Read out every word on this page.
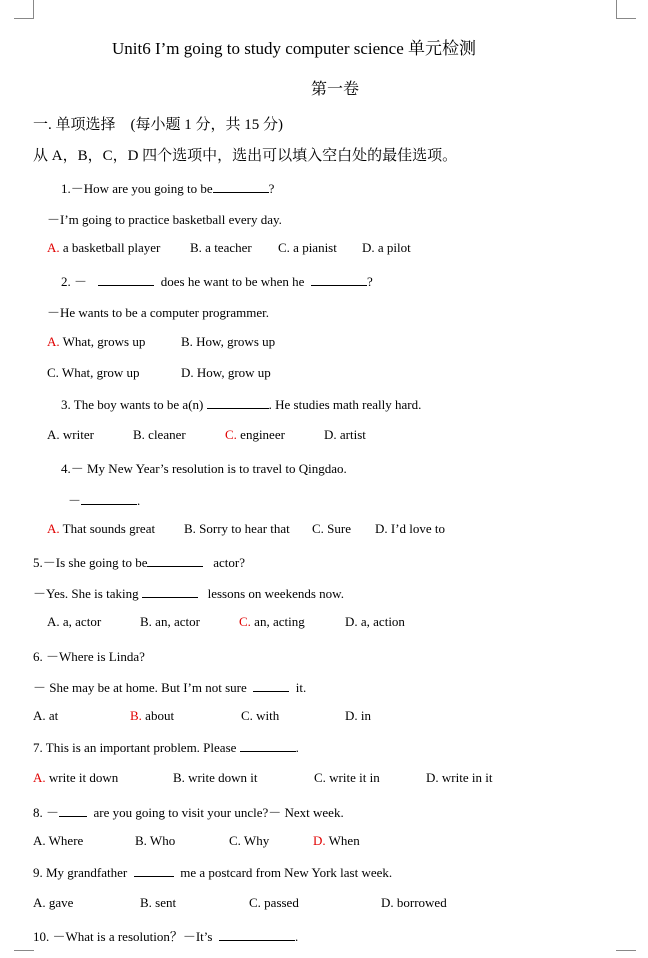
Unit6 I’m going to study computer science 单元检测
第一卷
一. 单项选择　(每小题 1 分，共 15 分)
从 A，B，C，D 四个选项中，选出可以填入空白处的最佳选项。
1.－How are you going to be	?
－I’m going to practice basketball every day.
A. a basketball player B. a teacher C. a pianist D. a pilot
2. －	does he want to be when he	?
－He wants to be a computer programmer.
A. What, grows up	B. How, grows up
C. What, grow up	D. How, grow up
3. The boy wants to be a(n)	. He studies math really hard.
A. writer	B. cleaner	C. engineer	D. artist
4.－ My New Year’s resolution is to travel to Qingdao.
－	.
A. That sounds great B. Sorry to hear that C. Sure D. I’d love to
5.－Is she going to be	actor?
－Yes. She is taking	lessons on weekends now.
A. a, actor	B. an, actor	C. an, acting	D. a, action
6. －Where is Linda?
－ She may be at home. But I’m not sure	it.
A. at	B. about	C. with	D. in
7. This is an important problem. Please	.
A. write it down	B. write down it	C. write it in	D. write in it
8. －	are you going to visit your uncle?－ Next week.
A. Where	B. Who	C. Why	D. When
9. My grandfather	me a postcard from New York last week.
A. gave	B. sent	C. passed	D. borrowed
10. －What is a resolution？－It’s	.
